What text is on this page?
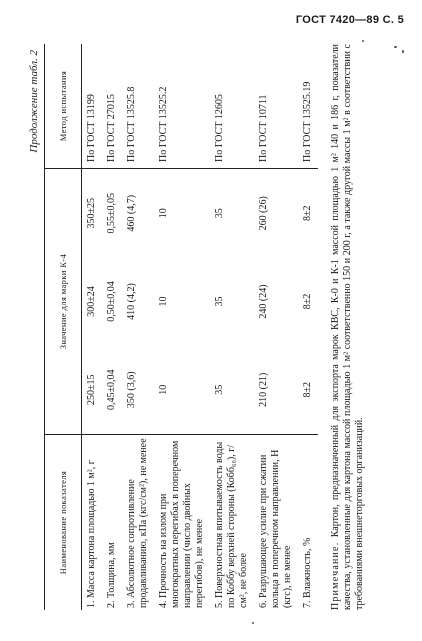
ГОСТ 7420—89 С. 5
Продолжение табл. 2
Наименование показателя	Значение для марки К-4			Метод испытания
1. Масса картона площадью 1 м², г	250±15	300±24	350±25	По ГОСТ 13199
2. Толщина, мм	0,45±0,04	0,50±0,04	0,55±0,05	По ГОСТ 27015
3. Абсолютное сопротивление продавливанию, кПа (кгс/см²), не менее	350 (3,6)	410 (4,2)	460 (4,7)	По ГОСТ 13525.8
4. Прочность на излом при многократных перегибах в поперечном направлении (число двойных перегибов), не менее	10	10	10	По ГОСТ 13525.2
5. Поверхностная впитываемость воды по Коббу верхней стороны (Кобб₆₀), г/см², не более	35	35	35	По ГОСТ 12605
6. Разрушающее усилие при сжатии кольца в поперечном направлении, Н (кгс), не менее	210 (21)	240 (24)	260 (26)	По ГОСТ 10711
7. Влажность, %	8±2	8±2	8±2	По ГОСТ 13525.19
Примечание. Картон, предназначенный для экспорта марок КВС, К-0 и К-1 массой площадью 1 м² 140 и 186 г, показатели качества, установленные для картона массой площадью 1 м² соответственно 150 и 200 г, а также другой массы 1 м² в соответствии с требованиями внешнеторговых организаций.
